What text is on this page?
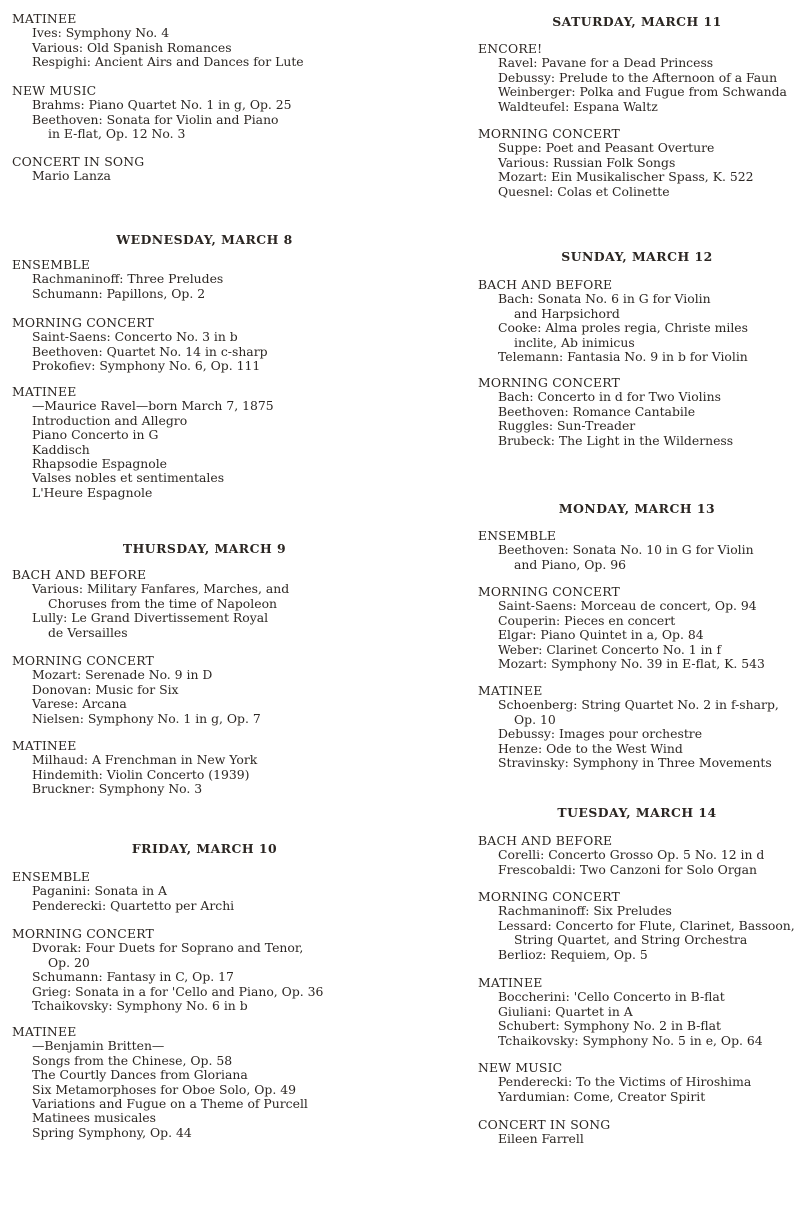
MATINEE
Ives: Symphony No. 4
Various: Old Spanish Romances
Respighi: Ancient Airs and Dances for Lute
NEW MUSIC
Brahms: Piano Quartet No. 1 in g, Op. 25
Beethoven: Sonata for Violin and Piano
in E-flat, Op. 12 No. 3
CONCERT IN SONG
Mario Lanza
WEDNESDAY, MARCH 8
ENSEMBLE
Rachmaninoff: Three Preludes
Schumann: Papillons, Op. 2
MORNING CONCERT
Saint-Saens: Concerto No. 3 in b
Beethoven: Quartet No. 14 in c-sharp
Prokofiev: Symphony No. 6, Op. 111
MATINEE
—Maurice Ravel—born March 7, 1875
Introduction and Allegro
Piano Concerto in G
Kaddisch
Rhapsodie Espagnole
Valses nobles et sentimentales
L'Heure Espagnole
THURSDAY, MARCH 9
BACH AND BEFORE
Various: Military Fanfares, Marches, and
Choruses from the time of Napoleon
Lully: Le Grand Divertissement Royal
de Versailles
MORNING CONCERT
Mozart: Serenade No. 9 in D
Donovan: Music for Six
Varese: Arcana
Nielsen: Symphony No. 1 in g, Op. 7
MATINEE
Milhaud: A Frenchman in New York
Hindemith: Violin Concerto (1939)
Bruckner: Symphony No. 3
FRIDAY, MARCH 10
ENSEMBLE
Paganini: Sonata in A
Penderecki: Quartetto per Archi
MORNING CONCERT
Dvorak: Four Duets for Soprano and Tenor,
Op. 20
Schumann: Fantasy in C, Op. 17
Grieg: Sonata in a for 'Cello and Piano, Op. 36
Tchaikovsky: Symphony No. 6 in b
MATINEE
—Benjamin Britten—
Songs from the Chinese, Op. 58
The Courtly Dances from Gloriana
Six Metamorphoses for Oboe Solo, Op. 49
Variations and Fugue on a Theme of Purcell
Matinees musicales
Spring Symphony, Op. 44
SATURDAY, MARCH 11
ENCORE!
Ravel: Pavane for a Dead Princess
Debussy: Prelude to the Afternoon of a Faun
Weinberger: Polka and Fugue from Schwanda
Waldteufel: Espana Waltz
MORNING CONCERT
Suppe: Poet and Peasant Overture
Various: Russian Folk Songs
Mozart: Ein Musikalischer Spass, K. 522
Quesnel: Colas et Colinette
SUNDAY, MARCH 12
BACH AND BEFORE
Bach: Sonata No. 6 in G for Violin
and Harpsichord
Cooke: Alma proles regia, Christe miles
inclite, Ab inimicus
Telemann: Fantasia No. 9 in b for Violin
MORNING CONCERT
Bach: Concerto in d for Two Violins
Beethoven: Romance Cantabile
Ruggles: Sun-Treader
Brubeck: The Light in the Wilderness
MONDAY, MARCH 13
ENSEMBLE
Beethoven: Sonata No. 10 in G for Violin
and Piano, Op. 96
MORNING CONCERT
Saint-Saens: Morceau de concert, Op. 94
Couperin: Pieces en concert
Elgar: Piano Quintet in a, Op. 84
Weber: Clarinet Concerto No. 1 in f
Mozart: Symphony No. 39 in E-flat, K. 543
MATINEE
Schoenberg: String Quartet No. 2 in f-sharp,
Op. 10
Debussy: Images pour orchestre
Henze: Ode to the West Wind
Stravinsky: Symphony in Three Movements
TUESDAY, MARCH 14
BACH AND BEFORE
Corelli: Concerto Grosso Op. 5 No. 12 in d
Frescobaldi: Two Canzoni for Solo Organ
MORNING CONCERT
Rachmaninoff: Six Preludes
Lessard: Concerto for Flute, Clarinet, Bassoon,
String Quartet, and String Orchestra
Berlioz: Requiem, Op. 5
MATINEE
Boccherini: 'Cello Concerto in B-flat
Giuliani: Quartet in A
Schubert: Symphony No. 2 in B-flat
Tchaikovsky: Symphony No. 5 in e, Op. 64
NEW MUSIC
Penderecki: To the Victims of Hiroshima
Yardumian: Come, Creator Spirit
CONCERT IN SONG
Eileen Farrell
